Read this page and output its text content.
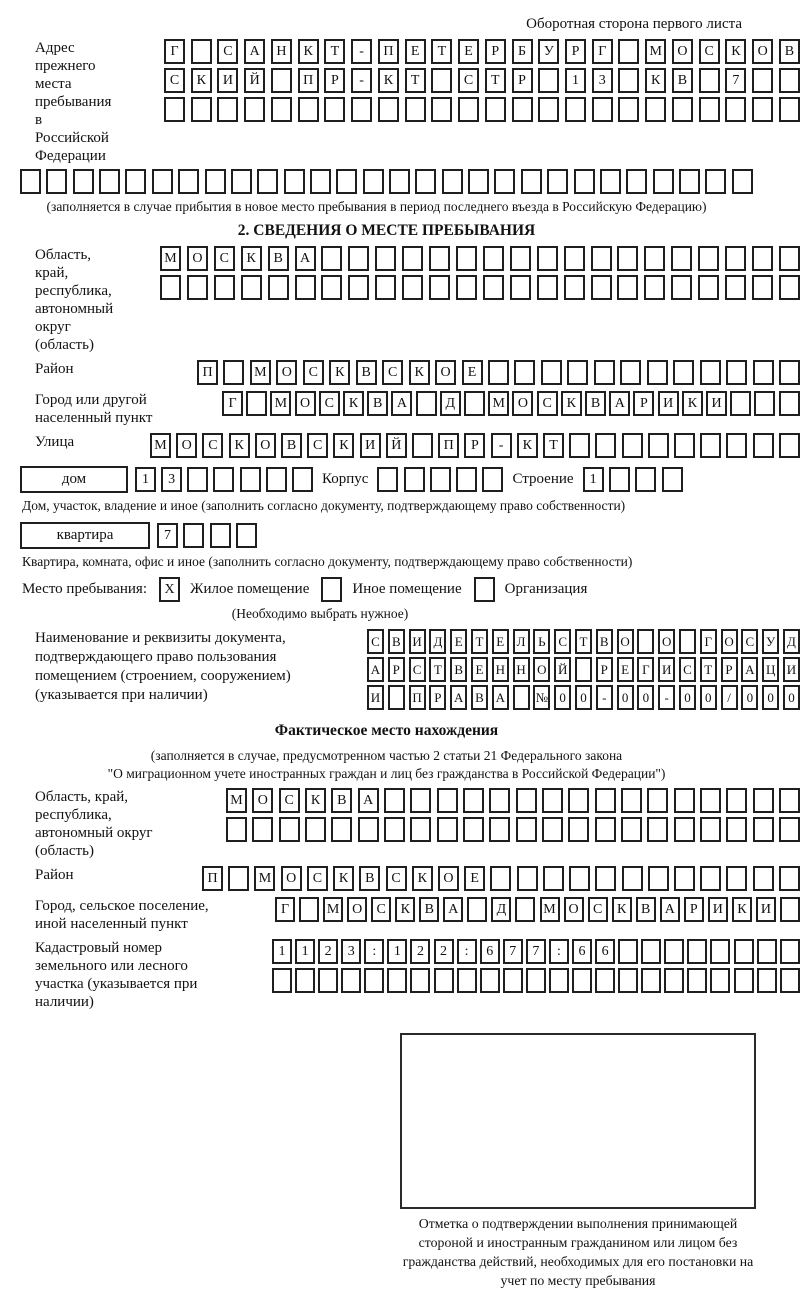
Оборотная сторона первого листа
Адрес прежнего места пребывания в Российской Федерации
Г	С	А	Н	К	Т	-	П	Е	Т	Е	Р	Б	У	Р	Г	М	О	С	К	О	В
С	К	И	Й	П	Р	-	К	Т	С	Т	Р	1	3	К	В	7
(заполняется в случае прибытия в новое место пребывания в период последнего въезда в Российскую Федерацию)
2. СВЕДЕНИЯ О МЕСТЕ ПРЕБЫВАНИЯ
Область, край, республика, автономный округ (область)
М	О	С	К	В	А
Район	П	М	О	С	К	В	С	К	О	Е
Город или другой населенный пункт
Г	М О	С	К	В	А	Д	М О	С	К	В	А	Р	И	К	И
Улица	М	О	С	К	О	В	С	К	И	Й	П	Р	-	К	Т
дом	1	3	Корпус	Строение	1
Дом, участок, владение и иное (заполнить согласно документу, подтверждающему право собственности)
квартира	7
Квартира, комната, офис и иное (заполнить согласно документу, подтверждающему право собственности)
Место пребывания:	X	Жилое помещение	Иное помещение	Организация
(Необходимо выбрать нужное)
Наименование и реквизиты документа, подтверждающего право пользования помещением (строением, сооружением) (указывается при наличии)
С В И Д Е Т Е Л Ь С Т В О О	Г О С У Д
А Р С Т В Е Н Н О Й	Р	Е	Г И С Т	Р А Ц И
И П Р А В А № 0	0	-	0	0	-	0	0	/	0	0	0
Фактическое место нахождения
(заполняется в случае, предусмотренном частью 2 статьи 21 Федерального закона
"О миграционном учете иностранных граждан и лиц без гражданства в Российской Федерации")
Область, край, республика, автономный округ (область)
М	О	С	К	В	А
Район	П	М	О	С	К	В	С	К	О	Е
Город, сельское поселение, иной населенный пункт
Г	М О	С	К	В	А	Д	М О	С	К	В	А	Р	И	К	И
Кадастровый номер земельного или лесного участка (указывается при наличии)
1	1	2	3	:	1	2	2	:	6	7	7	:	6	6
Отметка о подтверждении выполнения принимающей стороной и иностранным гражданином или лицом без гражданства действий, необходимых для его постановки на учет по месту пребывания
